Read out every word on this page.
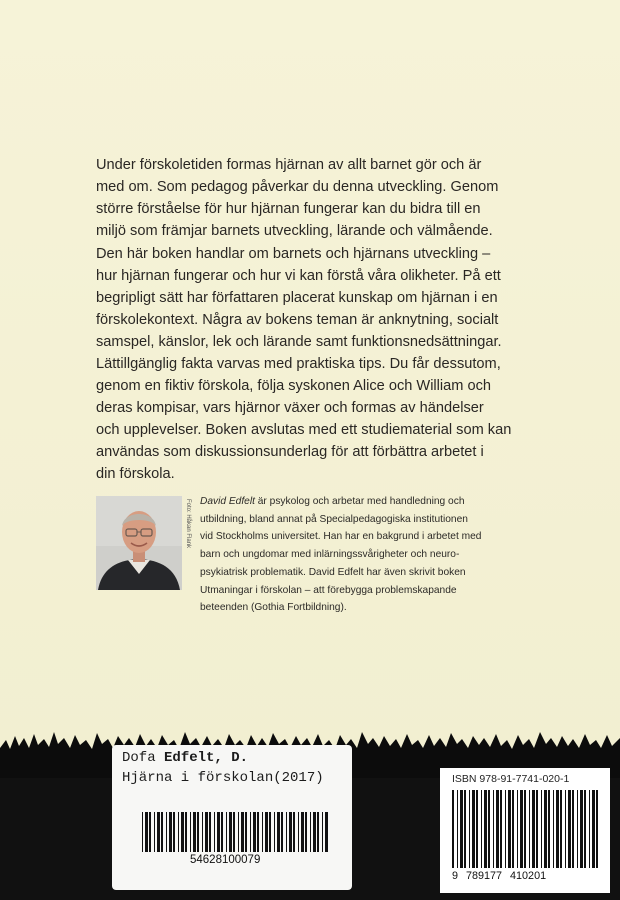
Under förskoletiden formas hjärnan av allt barnet gör och är
med om. Som pedagog påverkar du denna utveckling. Genom
större förståelse för hur hjärnan fungerar kan du bidra till en
miljö som främjar barnets utveckling, lärande och välmående.

Den här boken handlar om barnets och hjärnans utveckling –
hur hjärnan fungerar och hur vi kan förstå våra olikheter. På ett
begripligt sätt har författaren placerat kunskap om hjärnan i en
förskolekontext. Några av bokens teman är anknytning, socialt
samspel, känslor, lek och lärande samt funktionsnedsättningar.

Lättillgänglig fakta varvas med praktiska tips. Du får dessutom,
genom en fiktiv förskola, följa syskonen Alice och William och
deras kompisar, vars hjärnor växer och formas av händelser
och upplevelser. Boken avslutas med ett studiematerial som kan
användas som diskussionsunderlag för att förbättra arbetet i
din förskola.

Foto: Håkan Flank David Edfelt är psykolog och arbetar med handledning och
utbildning, bland annat på Specialpedagogiska institutionen
vid Stockholms universitet. Han har en bakgrund i arbetet med
barn och ungdomar med inlärningssvårigheter och neuro-
psykiatrisk problematik. David Edfelt har även skrivit boken
Utmaningar i förskolan – att förebygga problemskapande
beteenden (Gothia Fortbildning).

Dofa Edfelt, D.
Hjärna i förskolan(2017)
54628100079
ISBN 978-91-7741-020-1
9 789177 410201
